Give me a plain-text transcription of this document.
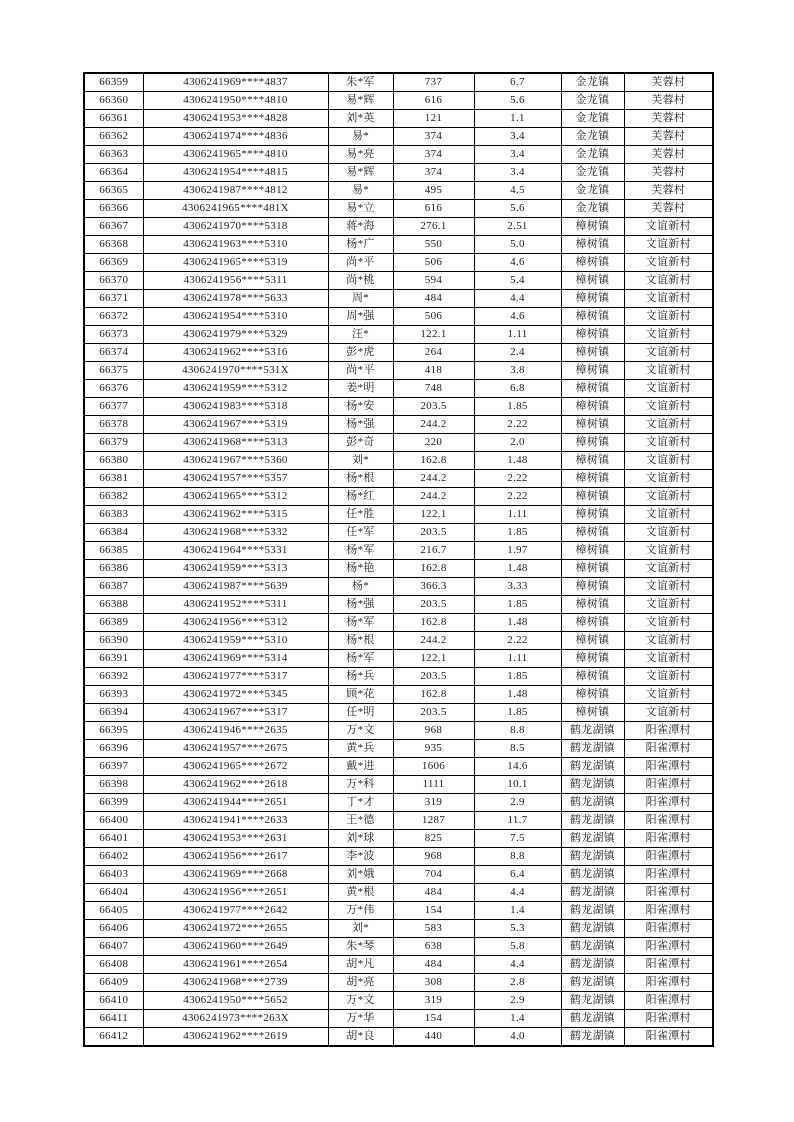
66359	4306241969****4837	朱*军	737	6.7	金龙镇	芙蓉村
66360	4306241950****4810	易*辉	616	5.6	金龙镇	芙蓉村
66361	4306241953****4828	刘*英	121	1.1	金龙镇	芙蓉村
66362	4306241974****4836	易*	374	3.4	金龙镇	芙蓉村
66363	4306241965****4810	易*亮	374	3.4	金龙镇	芙蓉村
66364	4306241954****4815	易*辉	374	3.4	金龙镇	芙蓉村
66365	4306241987****4812	易*	495	4.5	金龙镇	芙蓉村
66366	4306241965****481X	易*立	616	5.6	金龙镇	芙蓉村
66367	4306241970****5318	蒋*海	276.1	2.51	樟树镇	文谊新村
66368	4306241963****5310	杨*广	550	5.0	樟树镇	文谊新村
66369	4306241965****5319	尚*平	506	4.6	樟树镇	文谊新村
66370	4306241956****5311	尚*桃	594	5.4	樟树镇	文谊新村
66371	4306241978****5633	周*	484	4.4	樟树镇	文谊新村
66372	4306241954****5310	周*强	506	4.6	樟树镇	文谊新村
66373	4306241979****5329	汪*	122.1	1.11	樟树镇	文谊新村
66374	4306241962****5316	彭*虎	264	2.4	樟树镇	文谊新村
66375	4306241970****531X	尚*平	418	3.8	樟树镇	文谊新村
66376	4306241959****5312	姜*明	748	6.8	樟树镇	文谊新村
66377	4306241983****5318	杨*安	203.5	1.85	樟树镇	文谊新村
66378	4306241967****5319	杨*强	244.2	2.22	樟树镇	文谊新村
66379	4306241968****5313	彭*奇	220	2.0	樟树镇	文谊新村
66380	4306241967****5360	刘*	162.8	1.48	樟树镇	文谊新村
66381	4306241957****5357	杨*根	244.2	2.22	樟树镇	文谊新村
66382	4306241965****5312	杨*红	244.2	2.22	樟树镇	文谊新村
66383	4306241962****5315	任*胜	122.1	1.11	樟树镇	文谊新村
66384	4306241968****5332	任*军	203.5	1.85	樟树镇	文谊新村
66385	4306241964****5331	杨*军	216.7	1.97	樟树镇	文谊新村
66386	4306241959****5313	杨*艳	162.8	1.48	樟树镇	文谊新村
66387	4306241987****5639	杨*	366.3	3.33	樟树镇	文谊新村
66388	4306241952****5311	杨*强	203.5	1.85	樟树镇	文谊新村
66389	4306241956****5312	杨*军	162.8	1.48	樟树镇	文谊新村
66390	4306241959****5310	杨*根	244.2	2.22	樟树镇	文谊新村
66391	4306241969****5314	杨*军	122.1	1.11	樟树镇	文谊新村
66392	4306241977****5317	杨*兵	203.5	1.85	樟树镇	文谊新村
66393	4306241972****5345	顾*花	162.8	1.48	樟树镇	文谊新村
66394	4306241967****5317	任*明	203.5	1.85	樟树镇	文谊新村
66395	4306241946****2635	万*文	968	8.8	鹤龙湖镇	阳雀潭村
66396	4306241957****2675	黄*兵	935	8.5	鹤龙湖镇	阳雀潭村
66397	4306241965****2672	戴*进	1606	14.6	鹤龙湖镇	阳雀潭村
66398	4306241962****2618	万*科	1111	10.1	鹤龙湖镇	阳雀潭村
66399	4306241944****2651	丁*才	319	2.9	鹤龙湖镇	阳雀潭村
66400	4306241941****2633	王*德	1287	11.7	鹤龙湖镇	阳雀潭村
66401	4306241953****2631	刘*球	825	7.5	鹤龙湖镇	阳雀潭村
66402	4306241956****2617	李*波	968	8.8	鹤龙湖镇	阳雀潭村
66403	4306241969****2668	刘*娥	704	6.4	鹤龙湖镇	阳雀潭村
66404	4306241956****2651	黄*根	484	4.4	鹤龙湖镇	阳雀潭村
66405	4306241977****2642	万*伟	154	1.4	鹤龙湖镇	阳雀潭村
66406	4306241972****2655	刘*	583	5.3	鹤龙湖镇	阳雀潭村
66407	4306241960****2649	朱*琴	638	5.8	鹤龙湖镇	阳雀潭村
66408	4306241961****2654	胡*凡	484	4.4	鹤龙湖镇	阳雀潭村
66409	4306241968****2739	胡*亮	308	2.8	鹤龙湖镇	阳雀潭村
66410	4306241950****5652	万*文	319	2.9	鹤龙湖镇	阳雀潭村
66411	4306241973****263X	万*华	154	1.4	鹤龙湖镇	阳雀潭村
66412	4306241962****2619	胡*良	440	4.0	鹤龙湖镇	阳雀潭村
